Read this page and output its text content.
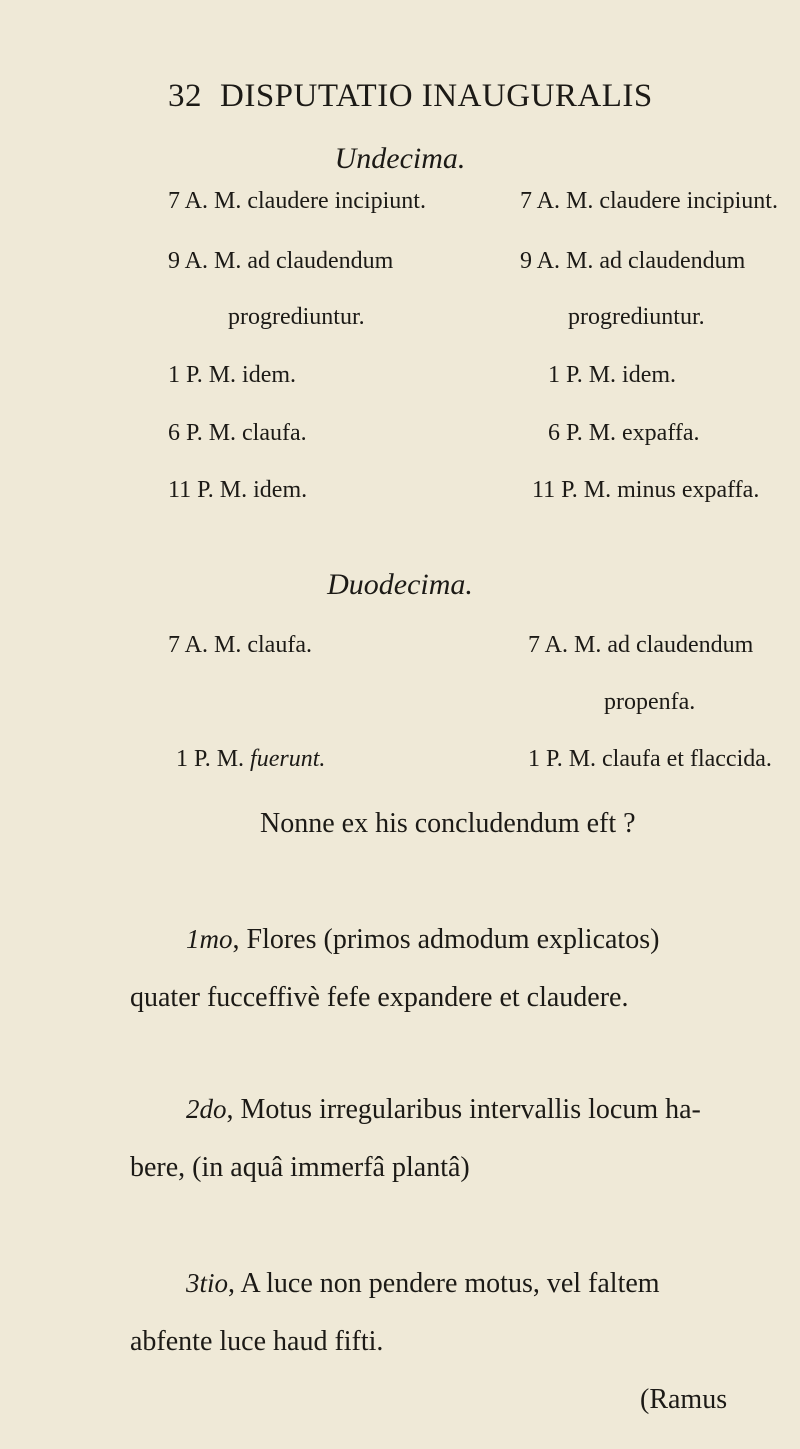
32 DISPUTATIO INAUGURALIS
Undecima.
7 A. M. claudere incipiunt.
9 A. M. ad claudendum
progrediuntur.
1 P. M. idem.
6 P. M. claufa.
11 P. M. idem.
7 A. M. claudere incipiunt.
9 A. M. ad claudendum
progrediuntur.
1 P. M. idem.
6 P. M. expaffa.
11 P. M. minus expaffa.
Duodecima.
7 A. M. claufa.
1 P. M. fuerunt.
7 A. M. ad claudendum
propenfa.
1 P. M. claufa et flaccida.
Nonne ex his concludendum eft ?
1mo, Flores (primos admodum explicatos)
quater fucceffivè fefe expandere et claudere.
2do, Motus irregularibus intervallis locum ha-
bere, (in aquâ immerfâ plantâ)
3tio, A luce non pendere motus, vel faltem
abfente luce haud fifti.
(Ramus
